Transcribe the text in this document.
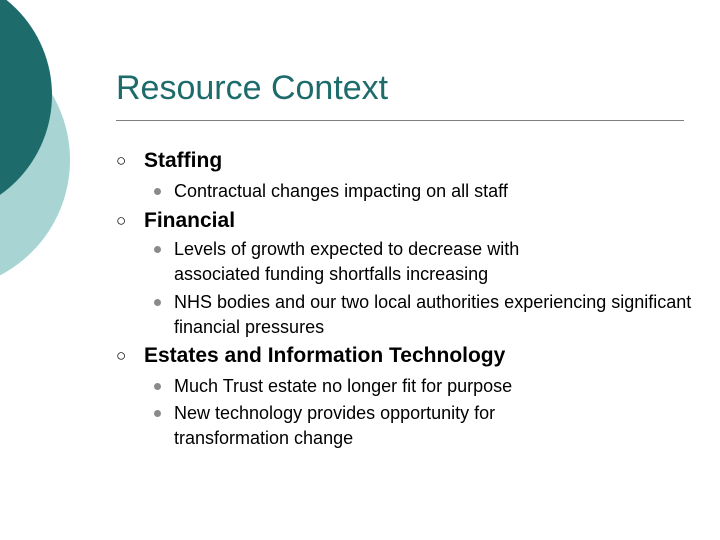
Resource Context
○ Staffing
Contractual changes impacting on all staff
○ Financial
Levels of growth expected to decrease with associated funding shortfalls increasing
NHS bodies and our two local authorities experiencing significant financial pressures
○ Estates and Information Technology
Much Trust estate no longer fit for purpose
New technology provides opportunity for transformation change
